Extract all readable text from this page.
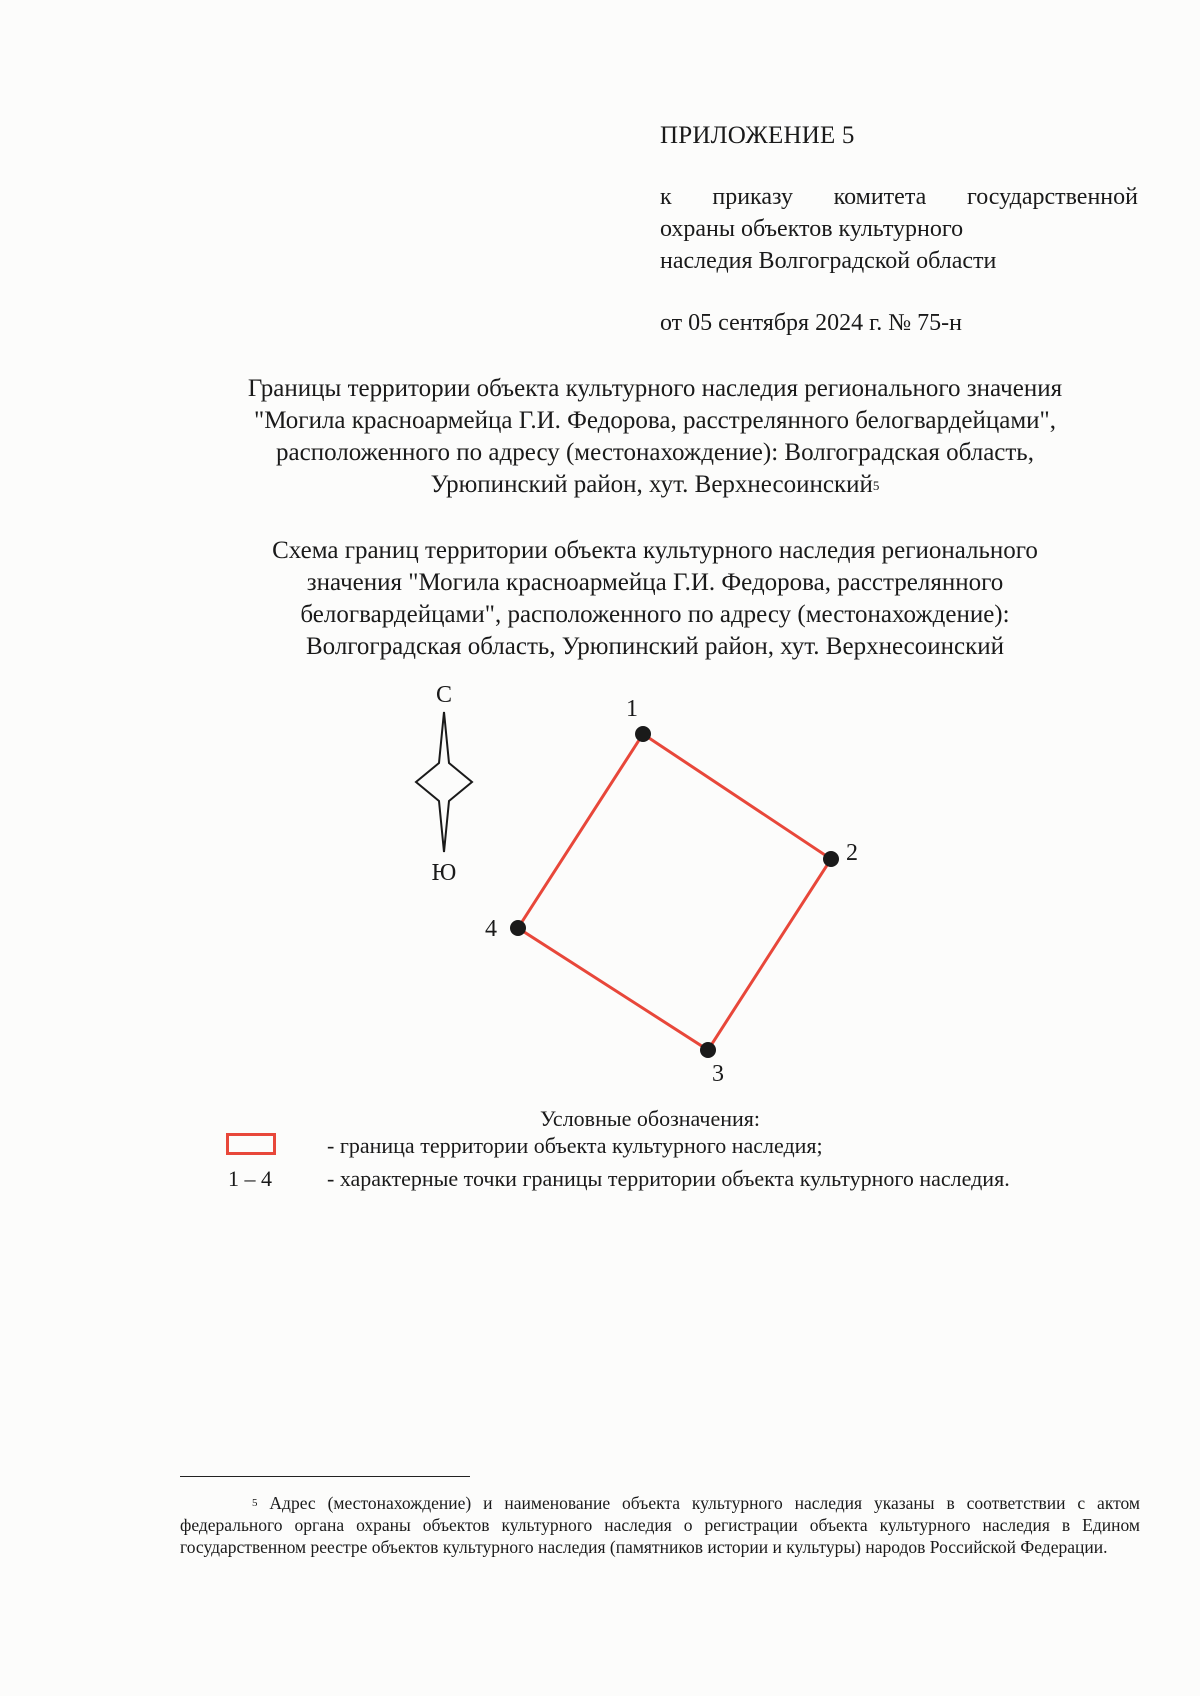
ПРИЛОЖЕНИЕ 5
к приказу комитета государственной
охраны объектов культурного
наследия Волгоградской области
от 05 сентября 2024 г. № 75-н
Границы территории объекта культурного наследия регионального значения
"Могила красноармейца Г.И. Федорова, расстрелянного белогвардейцами",
расположенного по адресу (местонахождение): Волгоградская область,
Урюпинский район, хут. Верхнесоинский$^5$
Схема границ территории объекта культурного наследия регионального
значения "Могила красноармейца Г.И. Федорова, расстрелянного
белогвардейцами", расположенного по адресу (местонахождение):
Волгоградская область, Урюпинский район, хут. Верхнесоинский
С
Ю
1
2
3
4
Условные обозначения:
- граница территории объекта культурного наследия;
1 – 4	- характерные точки границы территории объекта культурного наследия.
$^5$ Адрес (местонахождение) и наименование объекта культурного наследия указаны в соответствии с актом федерального органа охраны объектов культурного наследия о регистрации объекта культурного наследия в Едином государственном реестре объектов культурного наследия (памятников истории и культуры) народов Российской Федерации.
